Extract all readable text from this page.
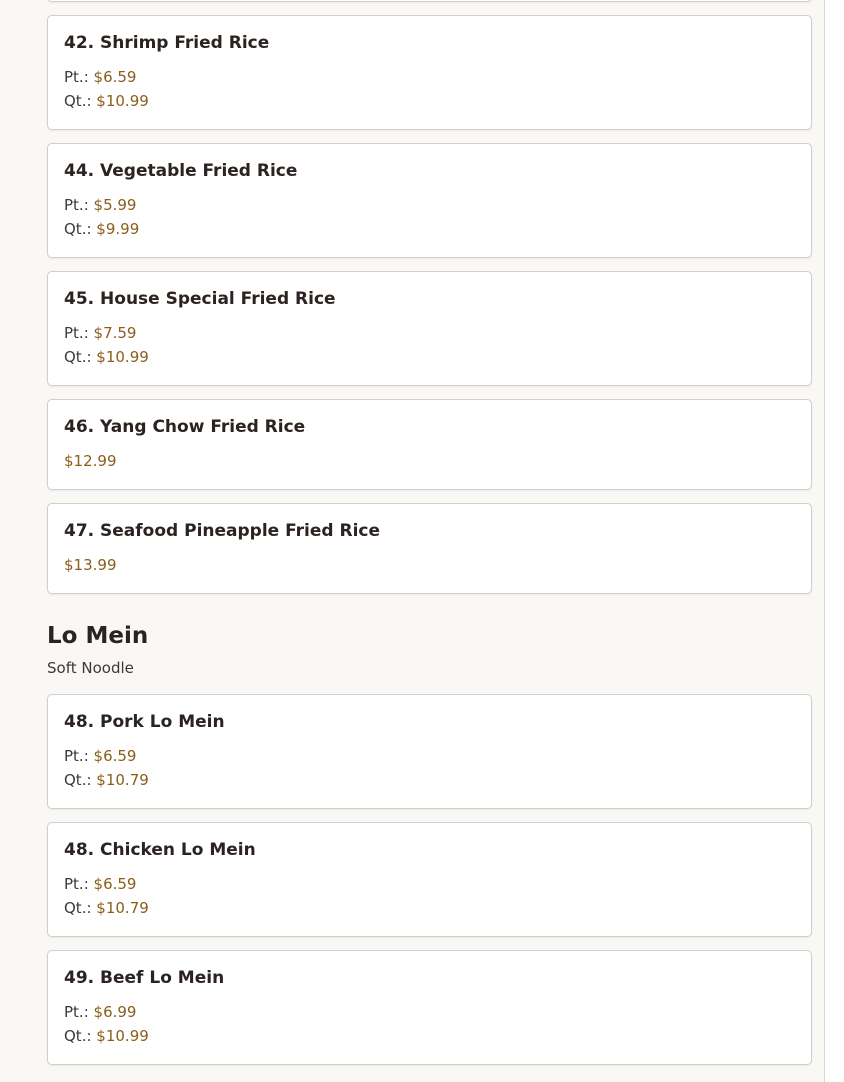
42. Shrimp Fried Rice
Pt.: $6.59
Qt.: $10.99
44. Vegetable Fried Rice
Pt.: $5.99
Qt.: $9.99
45. House Special Fried Rice
Pt.: $7.59
Qt.: $10.99
46. Yang Chow Fried Rice
$12.99
47. Seafood Pineapple Fried Rice
$13.99
Lo Mein
Soft Noodle
48. Pork Lo Mein
Pt.: $6.59
Qt.: $10.79
48. Chicken Lo Mein
Pt.: $6.59
Qt.: $10.79
49. Beef Lo Mein
Pt.: $6.99
Qt.: $10.99
